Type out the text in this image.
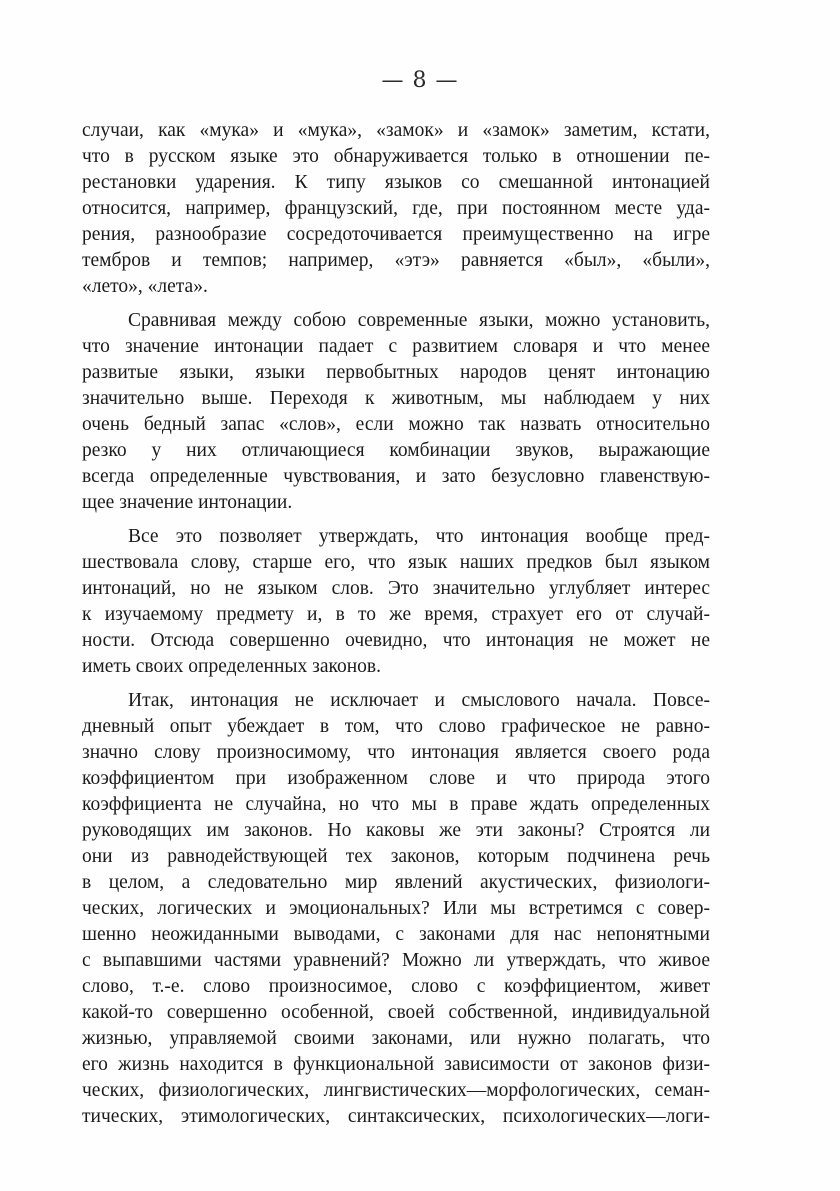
— 8 —
случаи, как «мука» и «мука», «замок» и «замок» заметим, кстати,
что в русском языке это обнаруживается только в отношении пе-
рестановки ударения. К типу языков со смешанной интонацией
относится, например, французский, где, при постоянном месте уда-
рения, разнообразие сосредоточивается преимущественно на игре
тембров и темпов; например, «этэ» равняется «был», «были»,
«лето», «лета».
Сравнивая между собою современные языки, можно установить,
что значение интонации падает с развитием словаря и что менее
развитые языки, языки первобытных народов ценят интонацию
значительно выше. Переходя к животным, мы наблюдаем у них
очень бедный запас «слов», если можно так назвать относительно
резко у них отличающиеся комбинации звуков, выражающие
всегда определенные чувствования, и зато безусловно главенствую-
щее значение интонации.
Все это позволяет утверждать, что интонация вообще пред-
шествовала слову, старше его, что язык наших предков был языком
интонаций, но не языком слов. Это значительно углубляет интерес
к изучаемому предмету и, в то же время, страхует его от случай-
ности. Отсюда совершенно очевидно, что интонация не может не
иметь своих определенных законов.
Итак, интонация не исключает и смыслового начала. Повсе-
дневный опыт убеждает в том, что слово графическое не равно-
значно слову произносимому, что интонация является своего рода
коэффициентом при изображенном слове и что природа этого
коэффициента не случайна, но что мы в праве ждать определенных
руководящих им законов. Но каковы же эти законы? Строятся ли
они из равнодействующей тех законов, которым подчинена речь
в целом, а следовательно мир явлений акустических, физиологи-
ческих, логических и эмоциональных? Или мы встретимся с совер-
шенно неожиданными выводами, с законами для нас непонятными
с выпавшими частями уравнений? Можно ли утверждать, что живое
слово, т.-е. слово произносимое, слово с коэффициентом, живет
какой-то совершенно особенной, своей собственной, индивидуальной
жизнью, управляемой своими законами, или нужно полагать, что
его жизнь находится в функциональной зависимости от законов физи-
ческих, физиологических, лингвистических—морфологических, семан-
тических, этимологических, синтаксических, психологических—логи-
